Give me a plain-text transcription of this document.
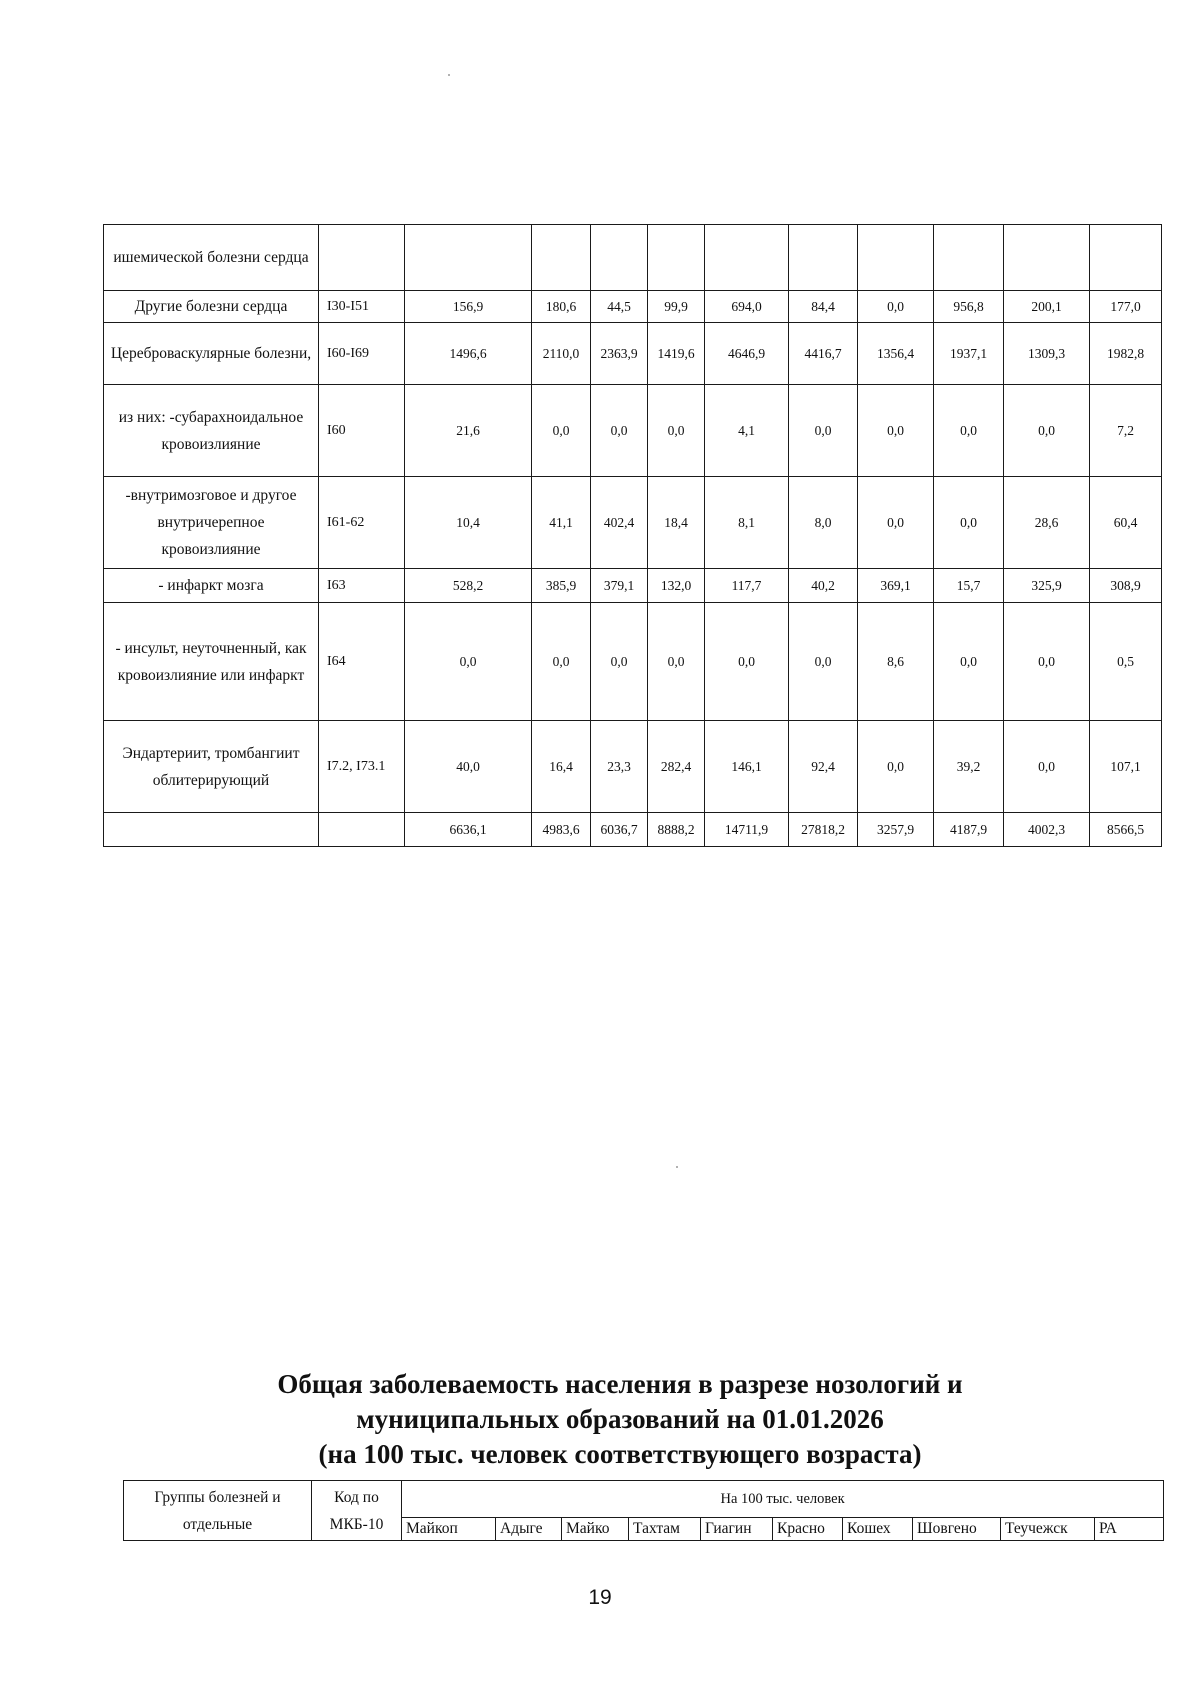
ишемической болезни сердца											
Другие болезни сердца	I30-I51	156,9	180,6	44,5	99,9	694,0	84,4	0,0	956,8	200,1	177,0
Цереброваскулярные болезни,	I60-I69	1496,6	2110,0	2363,9	1419,6	4646,9	4416,7	1356,4	1937,1	1309,3	1982,8
из них: -субарахноидальное кровоизлияние	I60	21,6	0,0	0,0	0,0	4,1	0,0	0,0	0,0	0,0	7,2
-внутримозговое и другое внутричерепное кровоизлияние	I61-62	10,4	41,1	402,4	18,4	8,1	8,0	0,0	0,0	28,6	60,4
- инфаркт мозга	I63	528,2	385,9	379,1	132,0	117,7	40,2	369,1	15,7	325,9	308,9
- инсульт, неуточненный, как кровоизлияние или инфаркт	I64	0,0	0,0	0,0	0,0	0,0	0,0	8,6	0,0	0,0	0,5
Эндартериит, тромбангиит облитерирующий	I7.2, I73.1	40,0	16,4	23,3	282,4	146,1	92,4	0,0	39,2	0,0	107,1
		6636,1	4983,6	6036,7	8888,2	14711,9	27818,2	3257,9	4187,9	4002,3	8566,5
Общая заболеваемость населения в разрезе нозологий и
муниципальных образований на 01.01.2026
(на 100 тыс. человек соответствующего возраста)
Группы болезней и отдельные	Код по МКБ-10	На 100 тыс. человек									
		Майкоп	Адыге	Майко	Тахтам	Гиагин	Красно	Кошех	Шовгено	Теучежск	РА
19
